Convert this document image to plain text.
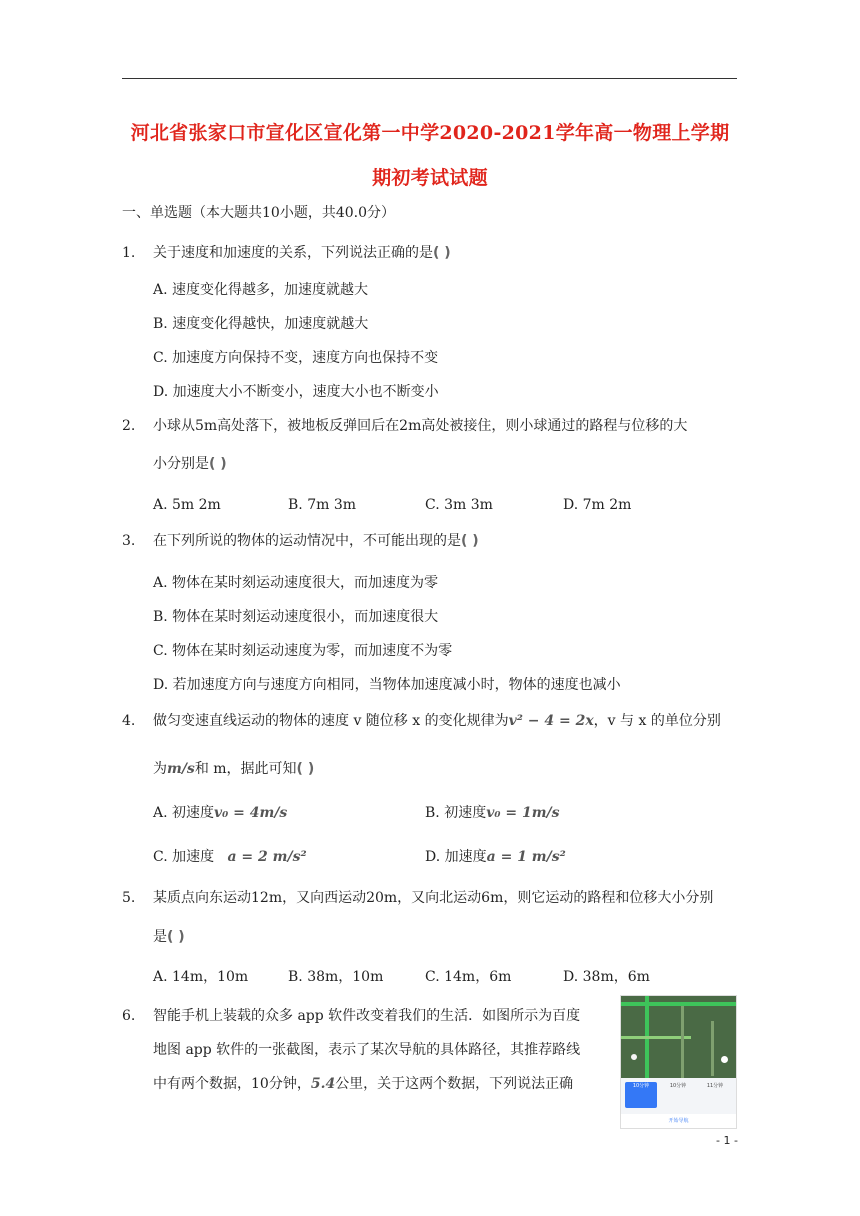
河北省张家口市宣化区宣化第一中学2020-2021学年高一物理上学期
期初考试试题
一、单选题（本大题共10小题，共40.0分）
1. 关于速度和加速度的关系，下列说法正确的是( )
A. 速度变化得越多，加速度就越大
B. 速度变化得越快，加速度就越大
C. 加速度方向保持不变，速度方向也保持不变
D. 加速度大小不断变小，速度大小也不断变小
2. 小球从5m高处落下，被地板反弹回后在2m高处被接住，则小球通过的路程与位移的大
小分别是( )
A. 5m 2m	B. 7m 3m	C. 3m 3m	D. 7m 2m
3. 在下列所说的物体的运动情况中，不可能出现的是( )
A. 物体在某时刻运动速度很大，而加速度为零
B. 物体在某时刻运动速度很小，而加速度很大
C. 物体在某时刻运动速度为零，而加速度不为零
D. 若加速度方向与速度方向相同，当物体加速度减小时，物体的速度也减小
4. 做匀变速直线运动的物体的速度 v 随位移 x 的变化规律为v² − 4 = 2x，v 与 x 的单位分别
为m/s和 m，据此可知( )
A. 初速度v₀ = 4m/s	B. 初速度v₀ = 1m/s
C. 加速度 a = 2 m/s²	D. 加速度a = 1 m/s²
5. 某质点向东运动12m，又向西运动20m，又向北运动6m，则它运动的路程和位移大小分别
是( )
A. 14m，10m	B. 38m，10m	C. 14m，6m	D. 38m，6m
6. 智能手机上装载的众多 app 软件改变着我们的生活．如图所示为百度
地图 app 软件的一张截图，表示了某次导航的具体路径，其推荐路线
中有两个数据，10分钟，5.4公里，关于这两个数据，下列说法正确	10分钟	10分钟	11分钟
开始导航
- 1 -
